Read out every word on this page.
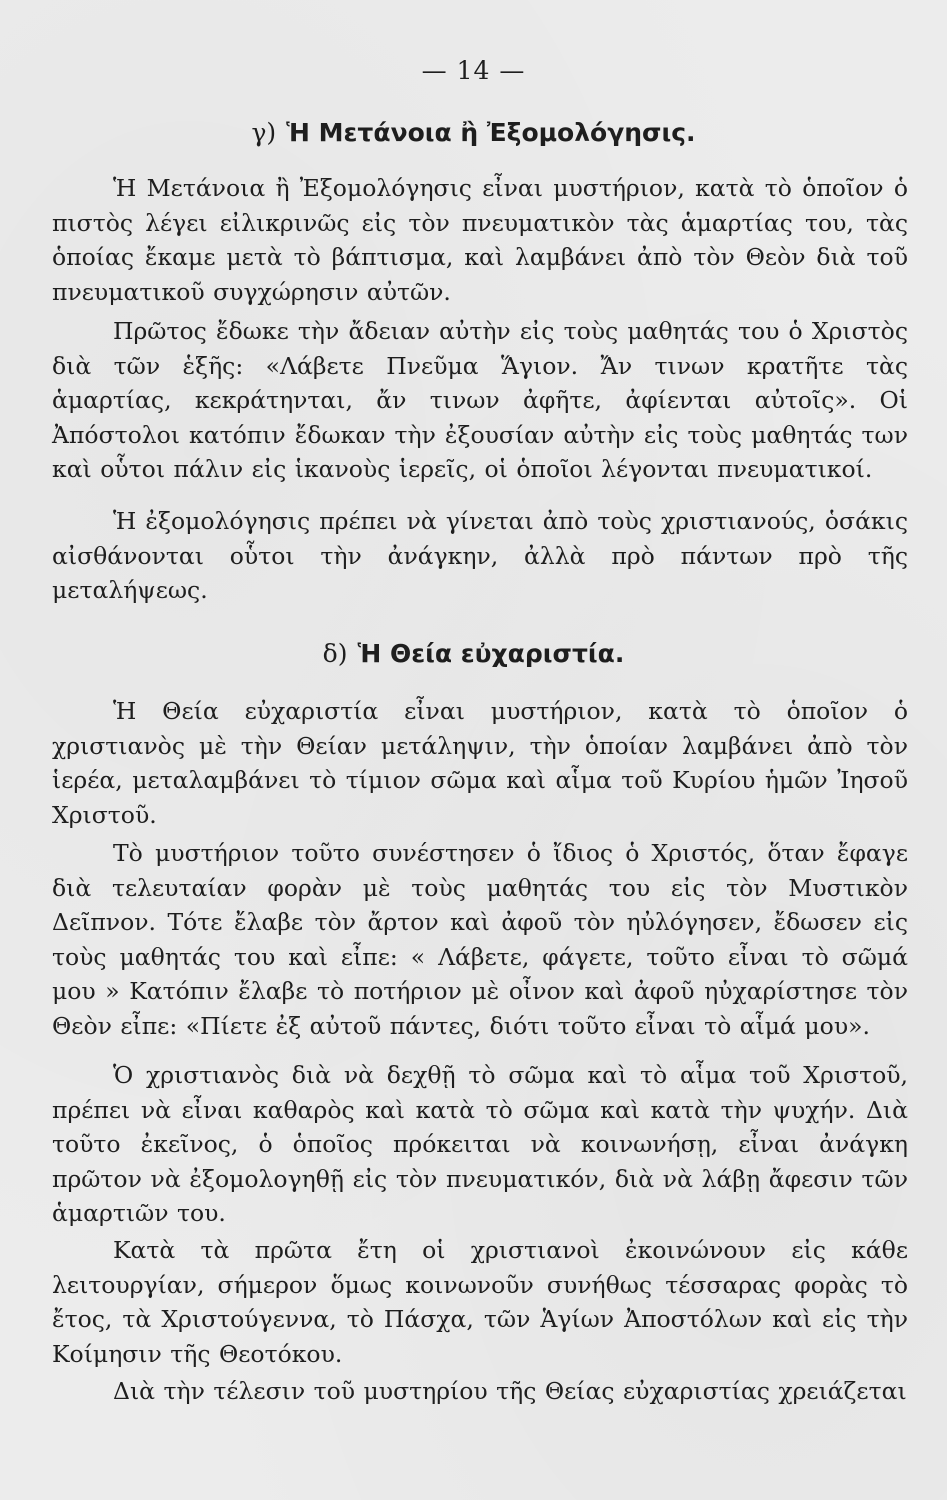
— 14 —
γ) Ἡ Μετάνοια ἢ Ἐξομολόγησις.

Ἡ Μετάνοια ἢ Ἐξομολόγησις εἶναι μυστήριον, κατὰ τὸ ὁποῖον ὁ πιστὸς λέγει εἰλικρινῶς εἰς τὸν πνευματικὸν τὰς ἁμαρτίας του, τὰς ὁποίας ἔκαμε μετὰ τὸ βάπτισμα, καὶ λαμβάνει ἀπὸ τὸν Θεὸν διὰ τοῦ πνευματικοῦ συγχώρησιν αὐτῶν.

Πρῶτος ἔδωκε τὴν ἄδειαν αὐτὴν εἰς τοὺς μαθητάς του ὁ Χριστὸς διὰ τῶν ἑξῆς: «Λάβετε Πνεῦμα Ἅγιον. Ἄν τινων κρατῆτε τὰς ἁμαρτίας, κεκράτηνται, ἄν τινων ἀφῆτε, ἀφίενται αὐτοῖς». Οἱ Ἀπόστολοι κατόπιν ἔδωκαν τὴν ἐξουσίαν αὐτὴν εἰς τοὺς μαθητάς των καὶ οὗτοι πάλιν εἰς ἱκανοὺς ἱερεῖς, οἱ ὁποῖοι λέγονται πνευματικοί.

Ἡ ἐξομολόγησις πρέπει νὰ γίνεται ἀπὸ τοὺς χριστιανούς, ὁσάκις αἰσθάνονται οὗτοι τὴν ἀνάγκην, ἀλλὰ πρὸ πάντων πρὸ τῆς μεταλήψεως.

δ) Ἡ Θεία εὐχαριστία.

Ἡ Θεία εὐχαριστία εἶναι μυστήριον, κατὰ τὸ ὁποῖον ὁ χριστιανὸς μὲ τὴν Θείαν μετάληψιν, τὴν ὁποίαν λαμβάνει ἀπὸ τὸν ἱερέα, μεταλαμβάνει τὸ τίμιον σῶμα καὶ αἷμα τοῦ Κυρίου ἡμῶν Ἰησοῦ Χριστοῦ.

Τὸ μυστήριον τοῦτο συνέστησεν ὁ ἴδιος ὁ Χριστός, ὅταν ἔφαγε διὰ τελευταίαν φορὰν μὲ τοὺς μαθητάς του εἰς τὸν Μυστικὸν Δεῖπνον. Τότε ἔλαβε τὸν ἄρτον καὶ ἀφοῦ τὸν ηὐλόγησεν, ἔδωσεν εἰς τοὺς μαθητάς του καὶ εἶπε: « Λάβετε, φάγετε, τοῦτο εἶναι τὸ σῶμά μου » Κατόπιν ἔλαβε τὸ ποτήριον μὲ οἶνον καὶ ἀφοῦ ηὐχαρίστησε τὸν Θεὸν εἶπε: «Πίετε ἐξ αὐτοῦ πάντες, διότι τοῦτο εἶναι τὸ αἷμά μου».

Ὁ χριστιανὸς διὰ νὰ δεχθῇ τὸ σῶμα καὶ τὸ αἷμα τοῦ Χριστοῦ, πρέπει νὰ εἶναι καθαρὸς καὶ κατὰ τὸ σῶμα καὶ κατὰ τὴν ψυχήν. Διὰ τοῦτο ἐκεῖνος, ὁ ὁποῖος πρόκειται νὰ κοινωνήσῃ, εἶναι ἀνάγκη πρῶτον νὰ ἐξομολογηθῇ εἰς τὸν πνευματικόν, διὰ νὰ λάβῃ ἄφεσιν τῶν ἁμαρτιῶν του.

Κατὰ τὰ πρῶτα ἔτη οἱ χριστιανοὶ ἐκοινώνουν εἰς κάθε λειτουργίαν, σήμερον ὅμως κοινωνοῦν συνήθως τέσσαρας φορὰς τὸ ἔτος, τὰ Χριστούγεννα, τὸ Πάσχα, τῶν Ἁγίων Ἀποστόλων καὶ εἰς τὴν Κοίμησιν τῆς Θεοτόκου.

Διὰ τὴν τέλεσιν τοῦ μυστηρίου τῆς Θείας εὐχαριστίας χρειάζεται
